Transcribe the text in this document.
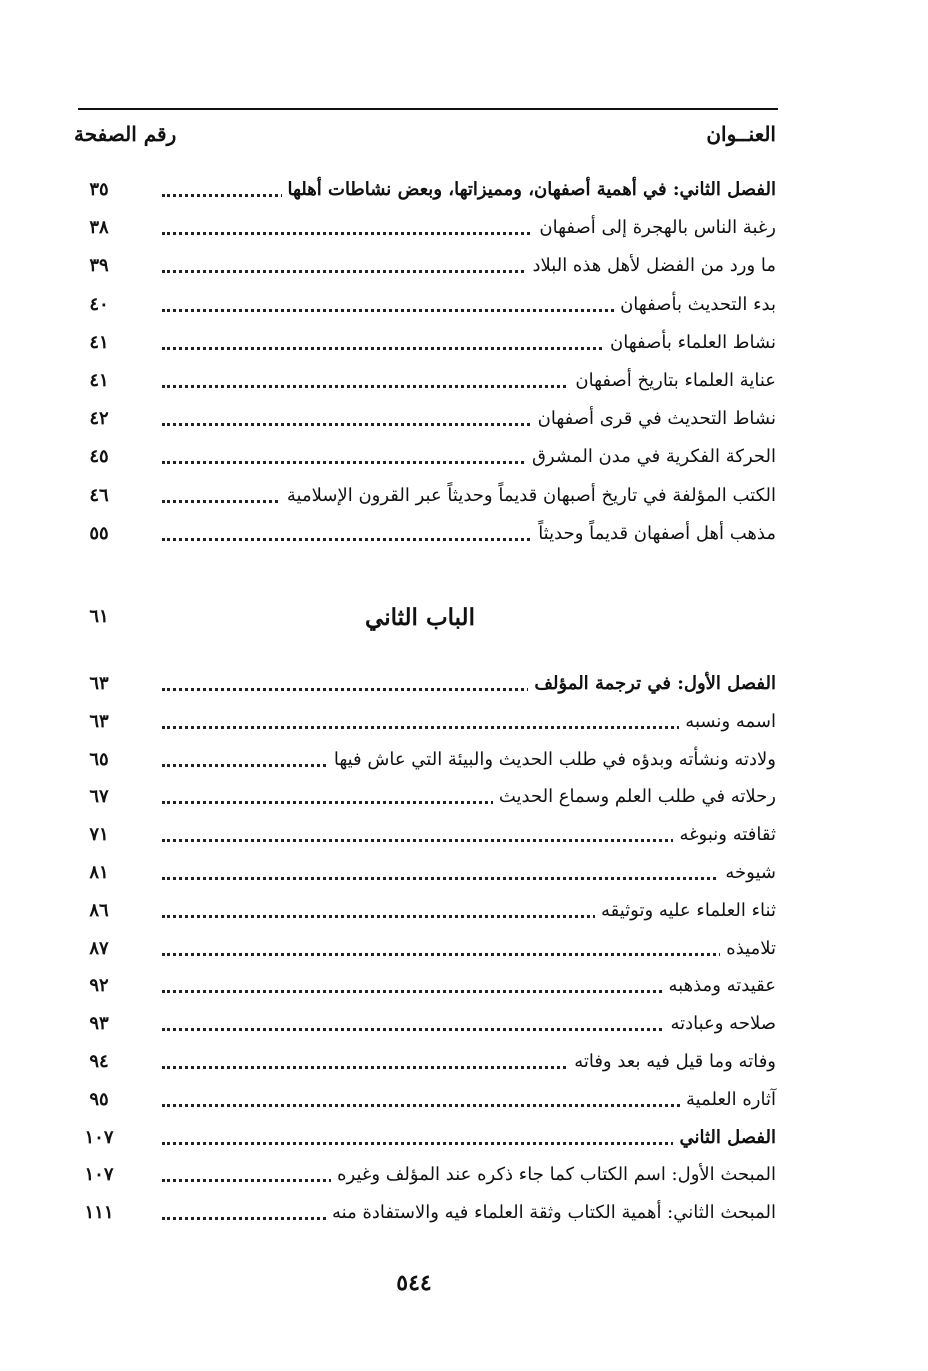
العنــوان
رقم الصفحة
الفصل الثاني: في أهمية أصفهان، ومميزاتها، وبعض نشاطات أهلها
٣٥
رغبة الناس بالهجرة إلى أصفهان
٣٨
ما ورد من الفضل لأهل هذه البلاد
٣٩
بدء التحديث بأصفهان
٤٠
نشاط العلماء بأصفهان
٤١
عناية العلماء بتاريخ أصفهان
٤١
نشاط التحديث في قرى أصفهان
٤٢
الحركة الفكرية في مدن المشرق
٤٥
الكتب المؤلفة في تاريخ أصبهان قديماً وحديثاً عبر القرون الإسلامية
٤٦
مذهب أهل أصفهان قديماً وحديثاً
٥٥
الباب الثاني
٦١
الفصل الأول: في ترجمة المؤلف
٦٣
اسمه ونسبه
٦٣
ولادته ونشأته وبدؤه في طلب الحديث والبيئة التي عاش فيها
٦٥
رحلاته في طلب العلم وسماع الحديث
٦٧
ثقافته ونبوغه
٧١
شيوخه
٨١
ثناء العلماء عليه وتوثيقه
٨٦
تلاميذه
٨٧
عقيدته ومذهبه
٩٢
صلاحه وعبادته
٩٣
وفاته وما قيل فيه بعد وفاته
٩٤
آثاره العلمية
٩٥
الفصل الثاني
١٠٧
المبحث الأول: اسم الكتاب كما جاء ذكره عند المؤلف وغيره
١٠٧
المبحث الثاني: أهمية الكتاب وثقة العلماء فيه والاستفادة منه
١١١
٥٤٤
